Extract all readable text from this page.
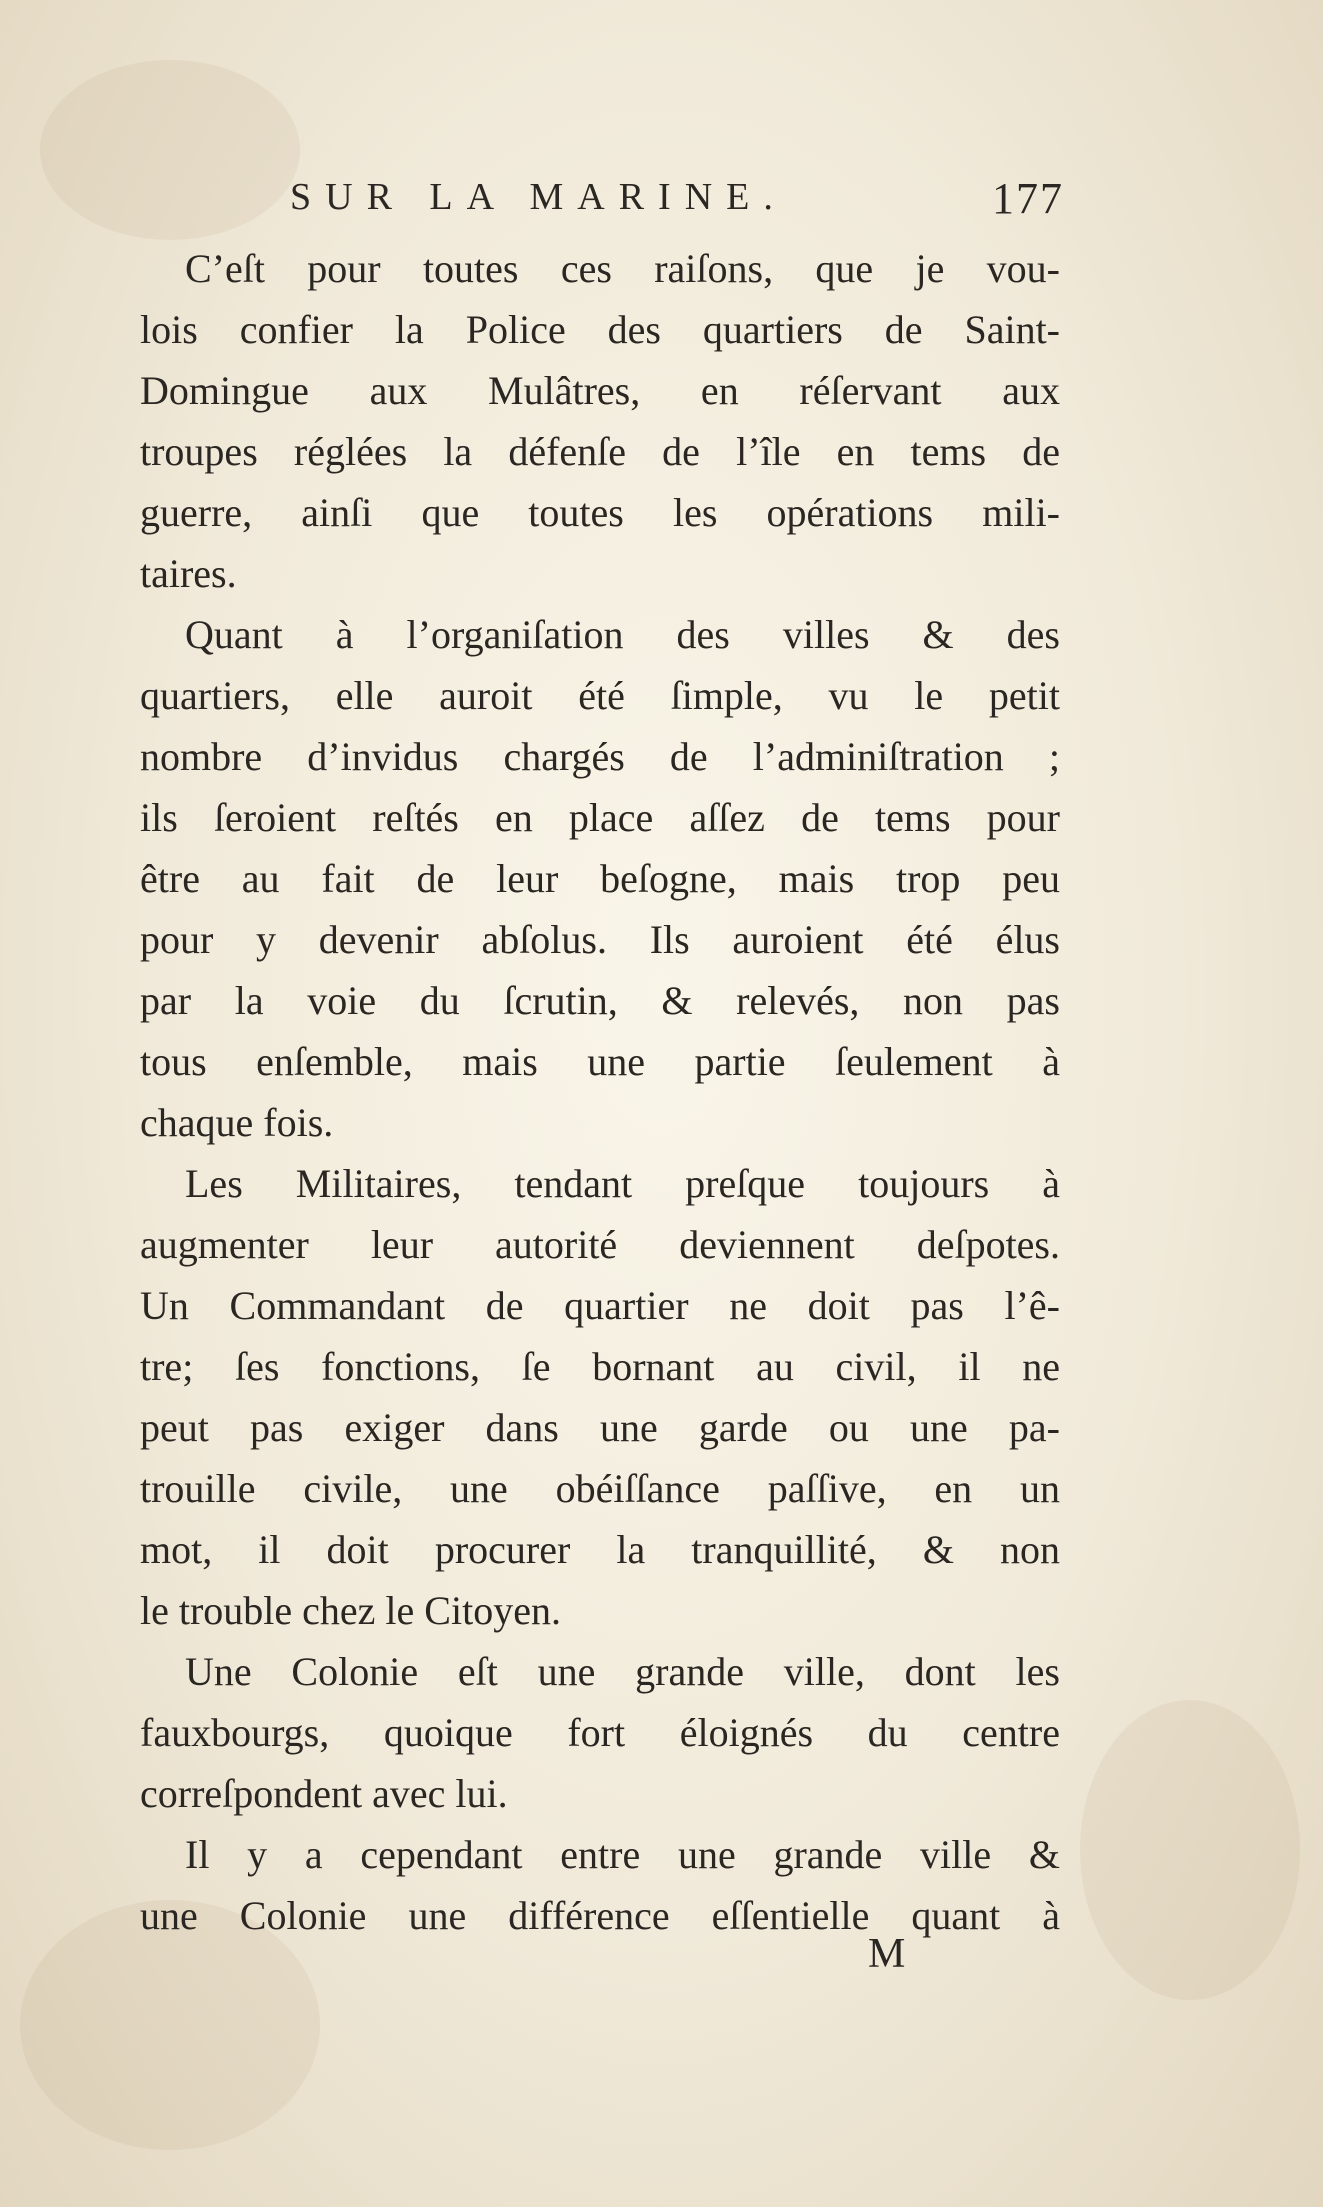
SUR LA MARINE.	177
C’eſt pour toutes ces raiſons, que je vou-
lois confier la Police des quartiers de Saint-
Domingue aux Mulâtres, en réſervant aux
troupes réglées la défenſe de l’île en tems de
guerre, ainſi que toutes les opérations mili-
taires.
Quant à l’organiſation des villes & des
quartiers, elle auroit été ſimple, vu le petit
nombre d’invidus chargés de l’adminiſtration ;
ils ſeroient reſtés en place aſſez de tems pour
être au fait de leur beſogne, mais trop peu
pour y devenir abſolus. Ils auroient été élus
par la voie du ſcrutin, & relevés, non pas
tous enſemble, mais une partie ſeulement à
chaque fois.
Les Militaires, tendant preſque toujours à
augmenter leur autorité deviennent deſpotes.
Un Commandant de quartier ne doit pas l’ê-
tre; ſes fonctions, ſe bornant au civil, il ne
peut pas exiger dans une garde ou une pa-
trouille civile, une obéiſſance paſſive, en un
mot, il doit procurer la tranquillité, & non
le trouble chez le Citoyen.
Une Colonie eſt une grande ville, dont les
fauxbourgs, quoique fort éloignés du centre
correſpondent avec lui.
Il y a cependant entre une grande ville &
une Colonie une différence eſſentielle quant à
M
